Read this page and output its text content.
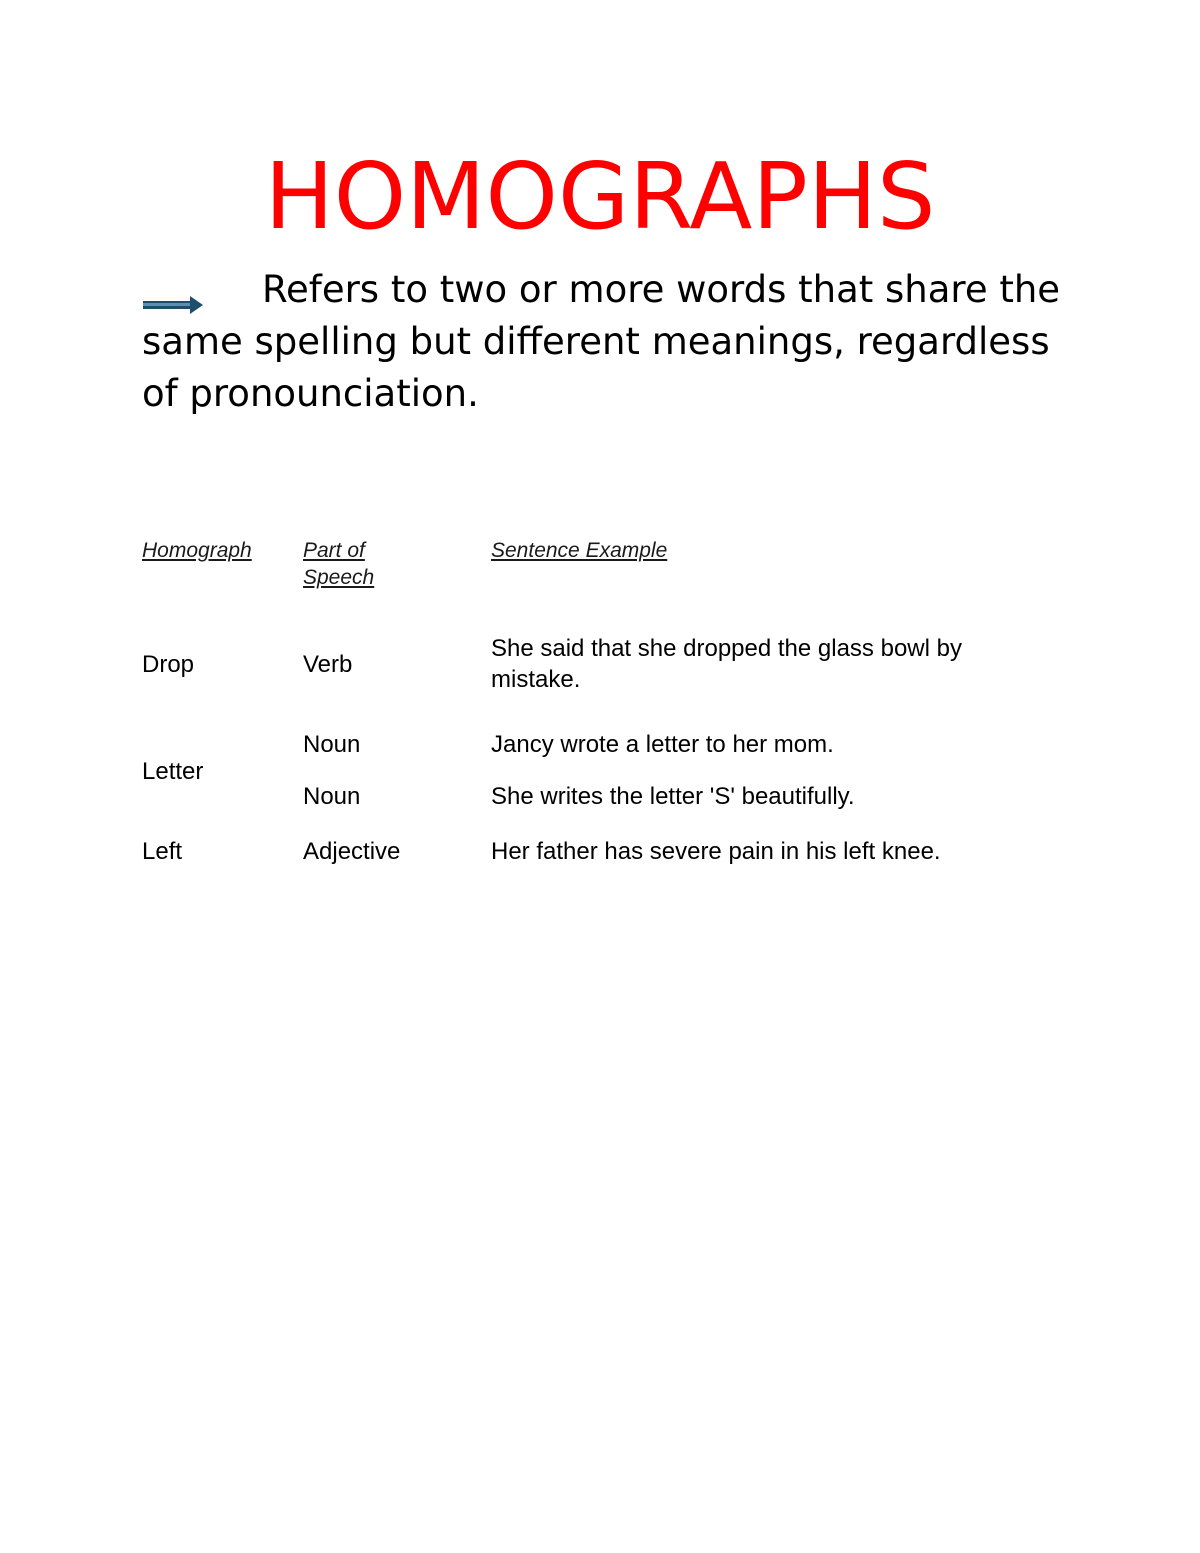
HOMOGRAPHS

Refers to two or more words that share the same spelling but different meanings, regardless of pronounciation.

Homograph	Part of Speech	Sentence Example
Drop	Verb	She said that she dropped the glass bowl by mistake.
Letter	Noun	Jancy wrote a letter to her mom.
	Noun	She writes the letter 'S' beautifully.
Left	Adjective	Her father has severe pain in his left knee.
